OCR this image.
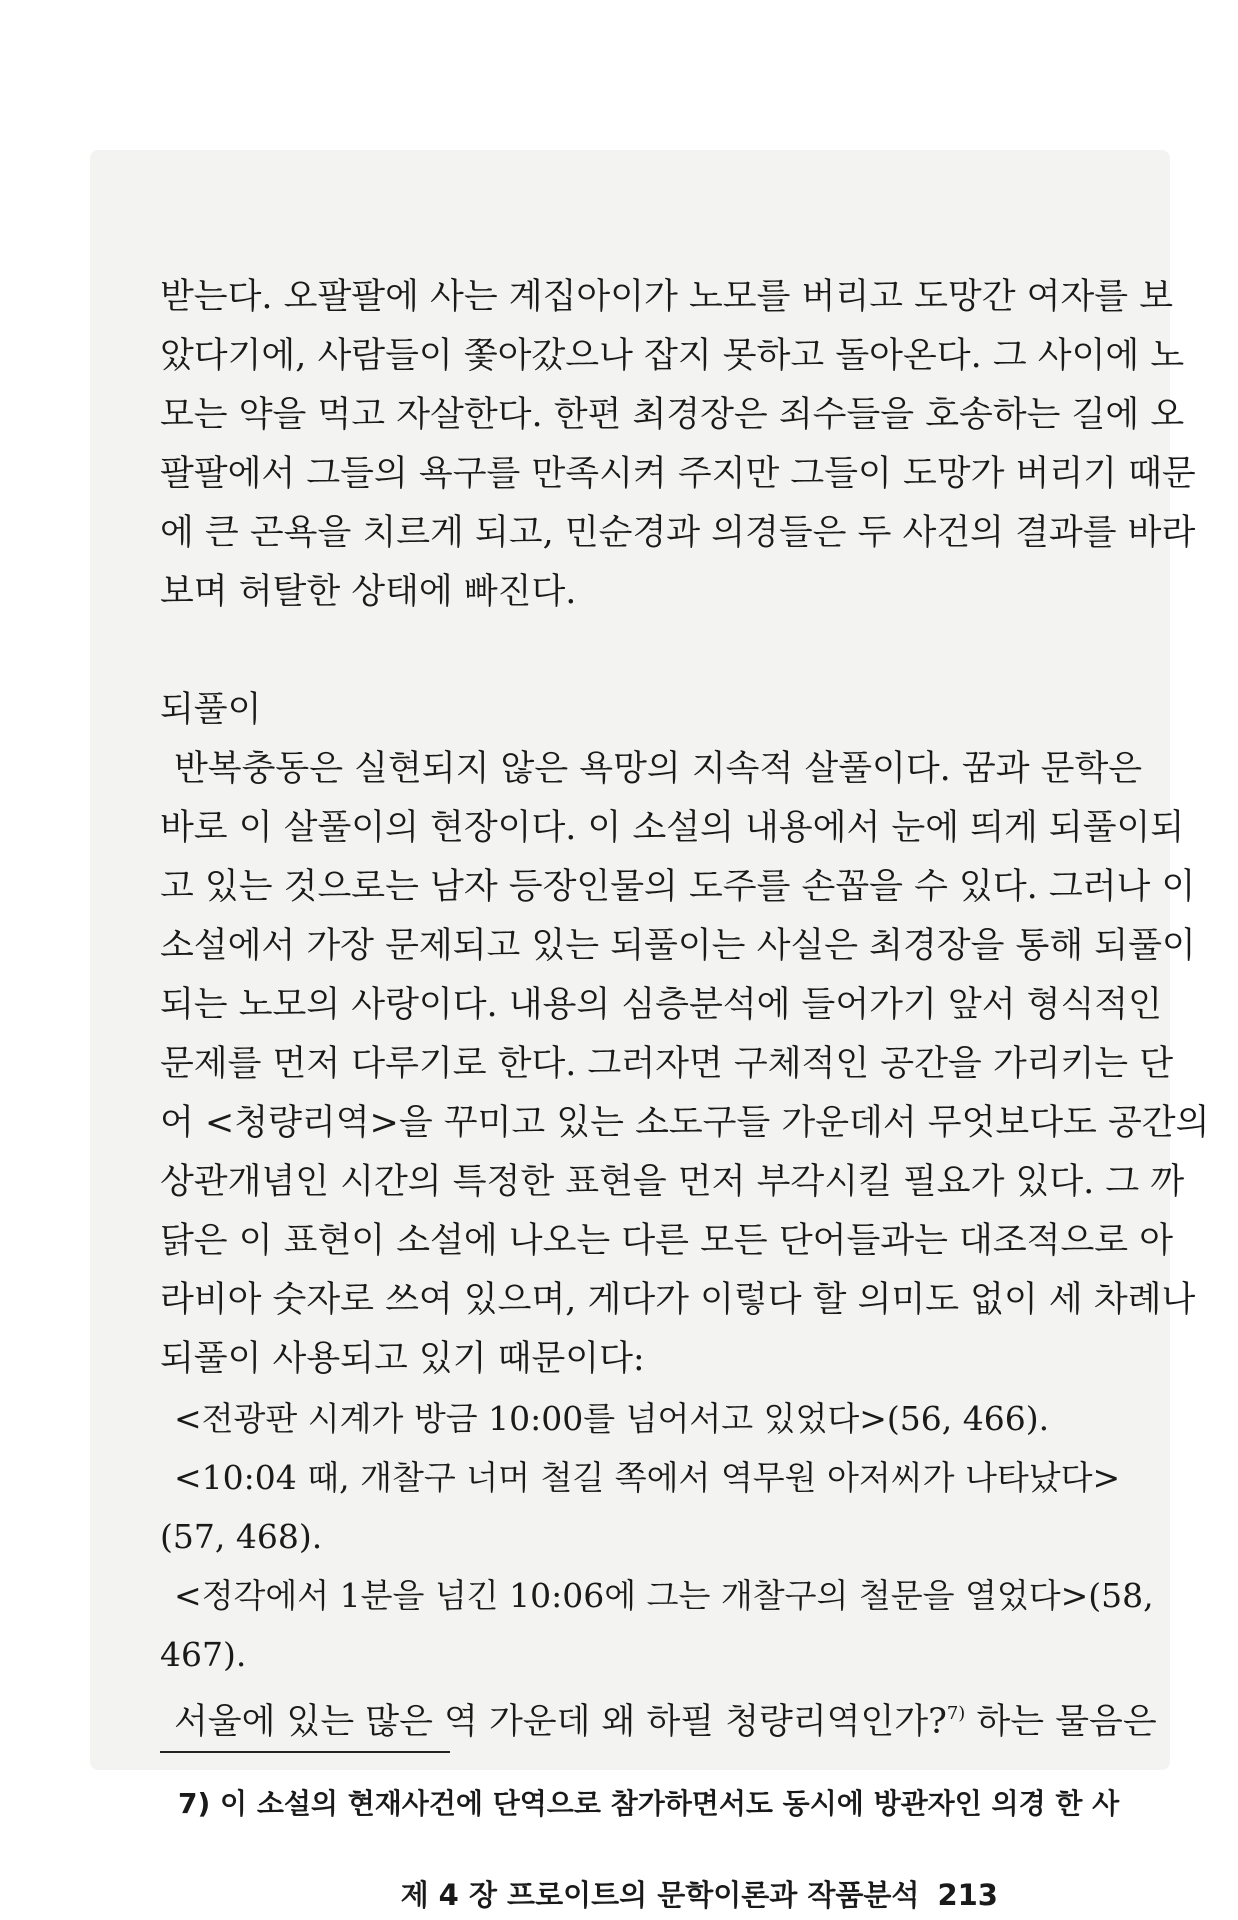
받는다. 오팔팔에 사는 계집아이가 노모를 버리고 도망간 여자를 보
았다기에, 사람들이 쫓아갔으나 잡지 못하고 돌아온다. 그 사이에 노
모는 약을 먹고 자살한다. 한편 최경장은 죄수들을 호송하는 길에 오
팔팔에서 그들의 욕구를 만족시켜 주지만 그들이 도망가 버리기 때문
에 큰 곤욕을 치르게 되고, 민순경과 의경들은 두 사건의 결과를 바라
보며 허탈한 상태에 빠진다.
되풀이
반복충동은 실현되지 않은 욕망의 지속적 살풀이다. 꿈과 문학은
바로 이 살풀이의 현장이다. 이 소설의 내용에서 눈에 띄게 되풀이되
고 있는 것으로는 남자 등장인물의 도주를 손꼽을 수 있다. 그러나 이
소설에서 가장 문제되고 있는 되풀이는 사실은 최경장을 통해 되풀이
되는 노모의 사랑이다. 내용의 심층분석에 들어가기 앞서 형식적인
문제를 먼저 다루기로 한다. 그러자면 구체적인 공간을 가리키는 단
어 <청량리역>을 꾸미고 있는 소도구들 가운데서 무엇보다도 공간의
상관개념인 시간의 특정한 표현을 먼저 부각시킬 필요가 있다. 그 까
닭은 이 표현이 소설에 나오는 다른 모든 단어들과는 대조적으로 아
라비아 숫자로 쓰여 있으며, 게다가 이렇다 할 의미도 없이 세 차례나
되풀이 사용되고 있기 때문이다:
<전광판 시계가 방금 10:00를 넘어서고 있었다>(56, 466).
<10:04 때, 개찰구 너머 철길 쪽에서 역무원 아저씨가 나타났다>
(57, 468).
<정각에서 1분을 넘긴 10:06에 그는 개찰구의 철문을 열었다>(58,
467).
서울에 있는 많은 역 가운데 왜 하필 청량리역인가?$^{7)}$ 하는 물음은
7) 이 소설의 현재사건에 단역으로 참가하면서도 동시에 방관자인 의경 한 사
제 4 장 프로이트의 문학이론과 작품분석 213
